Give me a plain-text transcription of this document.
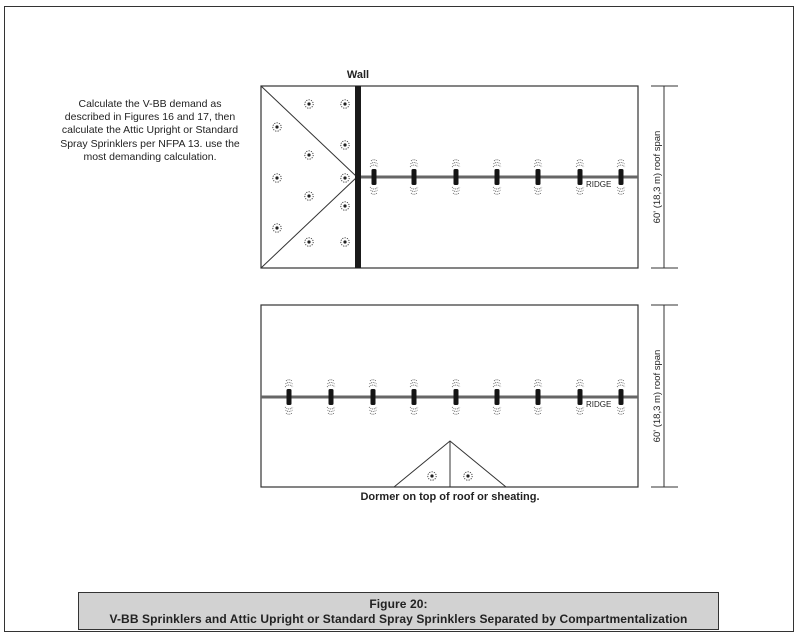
Calculate the V-BB demand as
described in Figures 16 and 17, then
calculate the Attic Upright or Standard
Spray Sprinklers per NFPA 13. use the
most demanding calculation.
Wall
RIDGE	60' (18,3 m) roof span
RIDGE
Dormer on top of roof or sheating.
60' (18,3 m) roof span
Figure 20:
V-BB Sprinklers and Attic Upright or Standard Spray Sprinklers Separated by Compartmentalization
